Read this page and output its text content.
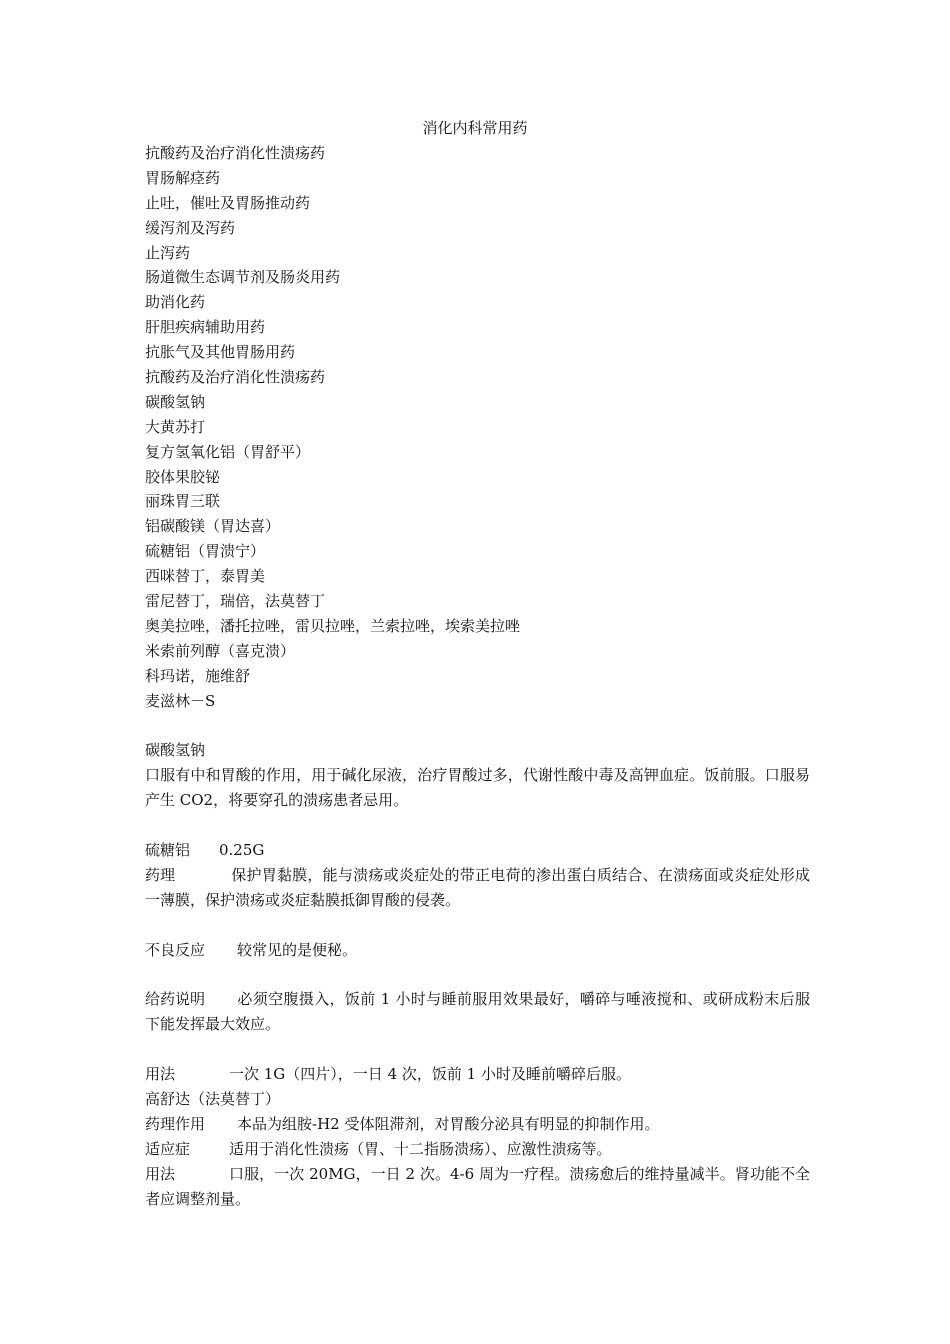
消化内科常用药
抗酸药及治疗消化性溃疡药
胃肠解痉药
止吐，催吐及胃肠推动药
缓泻剂及泻药
止泻药
肠道微生态调节剂及肠炎用药
助消化药
肝胆疾病辅助用药
抗胀气及其他胃肠用药
抗酸药及治疗消化性溃疡药
碳酸氢钠
大黄苏打
复方氢氧化铝（胃舒平）
胶体果胶铋
丽珠胃三联
铝碳酸镁（胃达喜）
硫糖铝（胃溃宁）
西咪替丁，泰胃美
雷尼替丁，瑞倍，法莫替丁
奥美拉唑，潘托拉唑，雷贝拉唑，兰索拉唑，埃索美拉唑
米索前列醇（喜克溃）
科玛诺，施维舒
麦滋林－S
碳酸氢钠
口服有中和胃酸的作用，用于碱化尿液，治疗胃酸过多，代谢性酸中毒及高钾血症。饭前服。口服易产生 CO2，将要穿孔的溃疡患者忌用。
硫糖铝 0.25G
药理	保护胃黏膜，能与溃疡或炎症处的带正电荷的渗出蛋白质结合、在溃疡面或炎症处形成一薄膜，保护溃疡或炎症黏膜抵御胃酸的侵袭。
不良反应 较常见的是便秘。
给药说明 必须空腹摄入，饭前 1 小时与睡前服用效果最好，嚼碎与唾液搅和、或研成粉末后服下能发挥最大效应。
用法	一次 1G（四片），一日 4 次，饭前 1 小时及睡前嚼碎后服。
高舒达（法莫替丁）
药理作用 本品为组胺-H2 受体阻滞剂，对胃酸分泌具有明显的抑制作用。
适应症	适用于消化性溃疡（胃、十二指肠溃疡）、应激性溃疡等。
用法	口服，一次 20MG，一日 2 次。4-6 周为一疗程。溃疡愈后的维持量减半。肾功能不全者应调整剂量。
